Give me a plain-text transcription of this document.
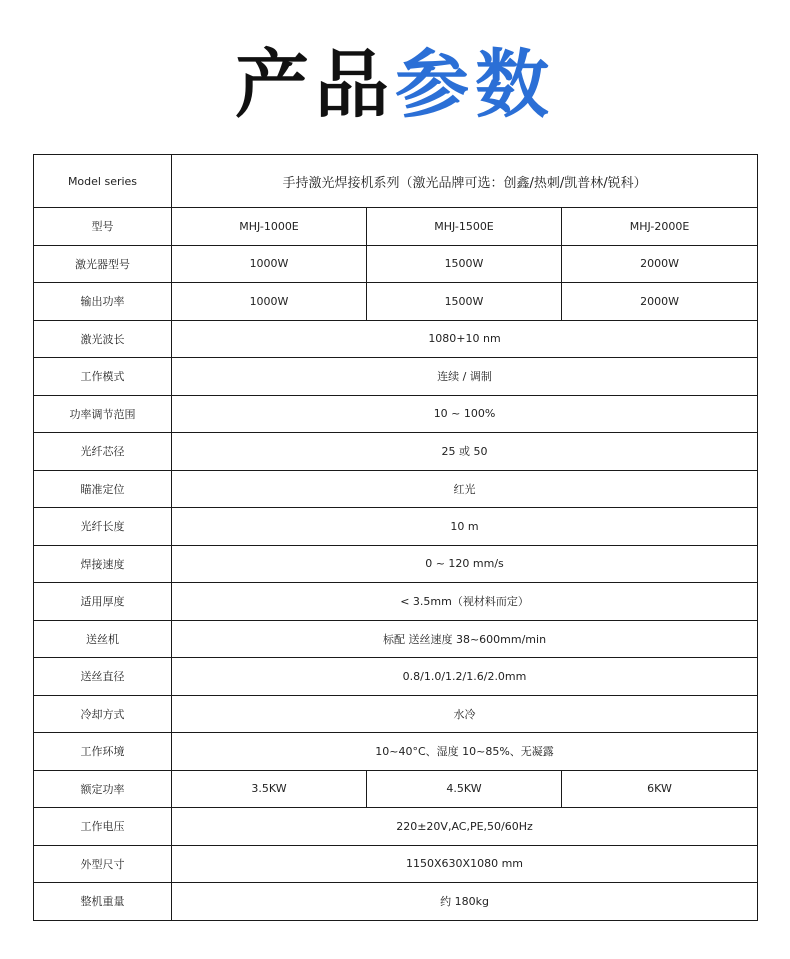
产品参数
Model series	手持激光焊接机系列（激光品牌可选：创鑫/热刺/凯普林/锐科）		
型号	MHJ-1000E	MHJ-1500E	MHJ-2000E
激光器型号	1000W	1500W	2000W
输出功率	1000W	1500W	2000W
激光波长	1080+10 nm		
工作模式	连续 / 调制		
功率调节范围	10 ~ 100%		
光纤芯径	25 或 50		
瞄准定位	红光		
光纤长度	10 m		
焊接速度	0 ~ 120 mm/s		
适用厚度	< 3.5mm（视材料而定）		
送丝机	标配 送丝速度 38~600mm/min		
送丝直径	0.8/1.0/1.2/1.6/2.0mm		
冷却方式	水冷		
工作环境	10~40°C、湿度 10~85%、无凝露		
额定功率	3.5KW	4.5KW	6KW
工作电压	220±20V,AC,PE,50/60Hz		
外型尺寸	1150X630X1080 mm		
整机重量	约 180kg		
